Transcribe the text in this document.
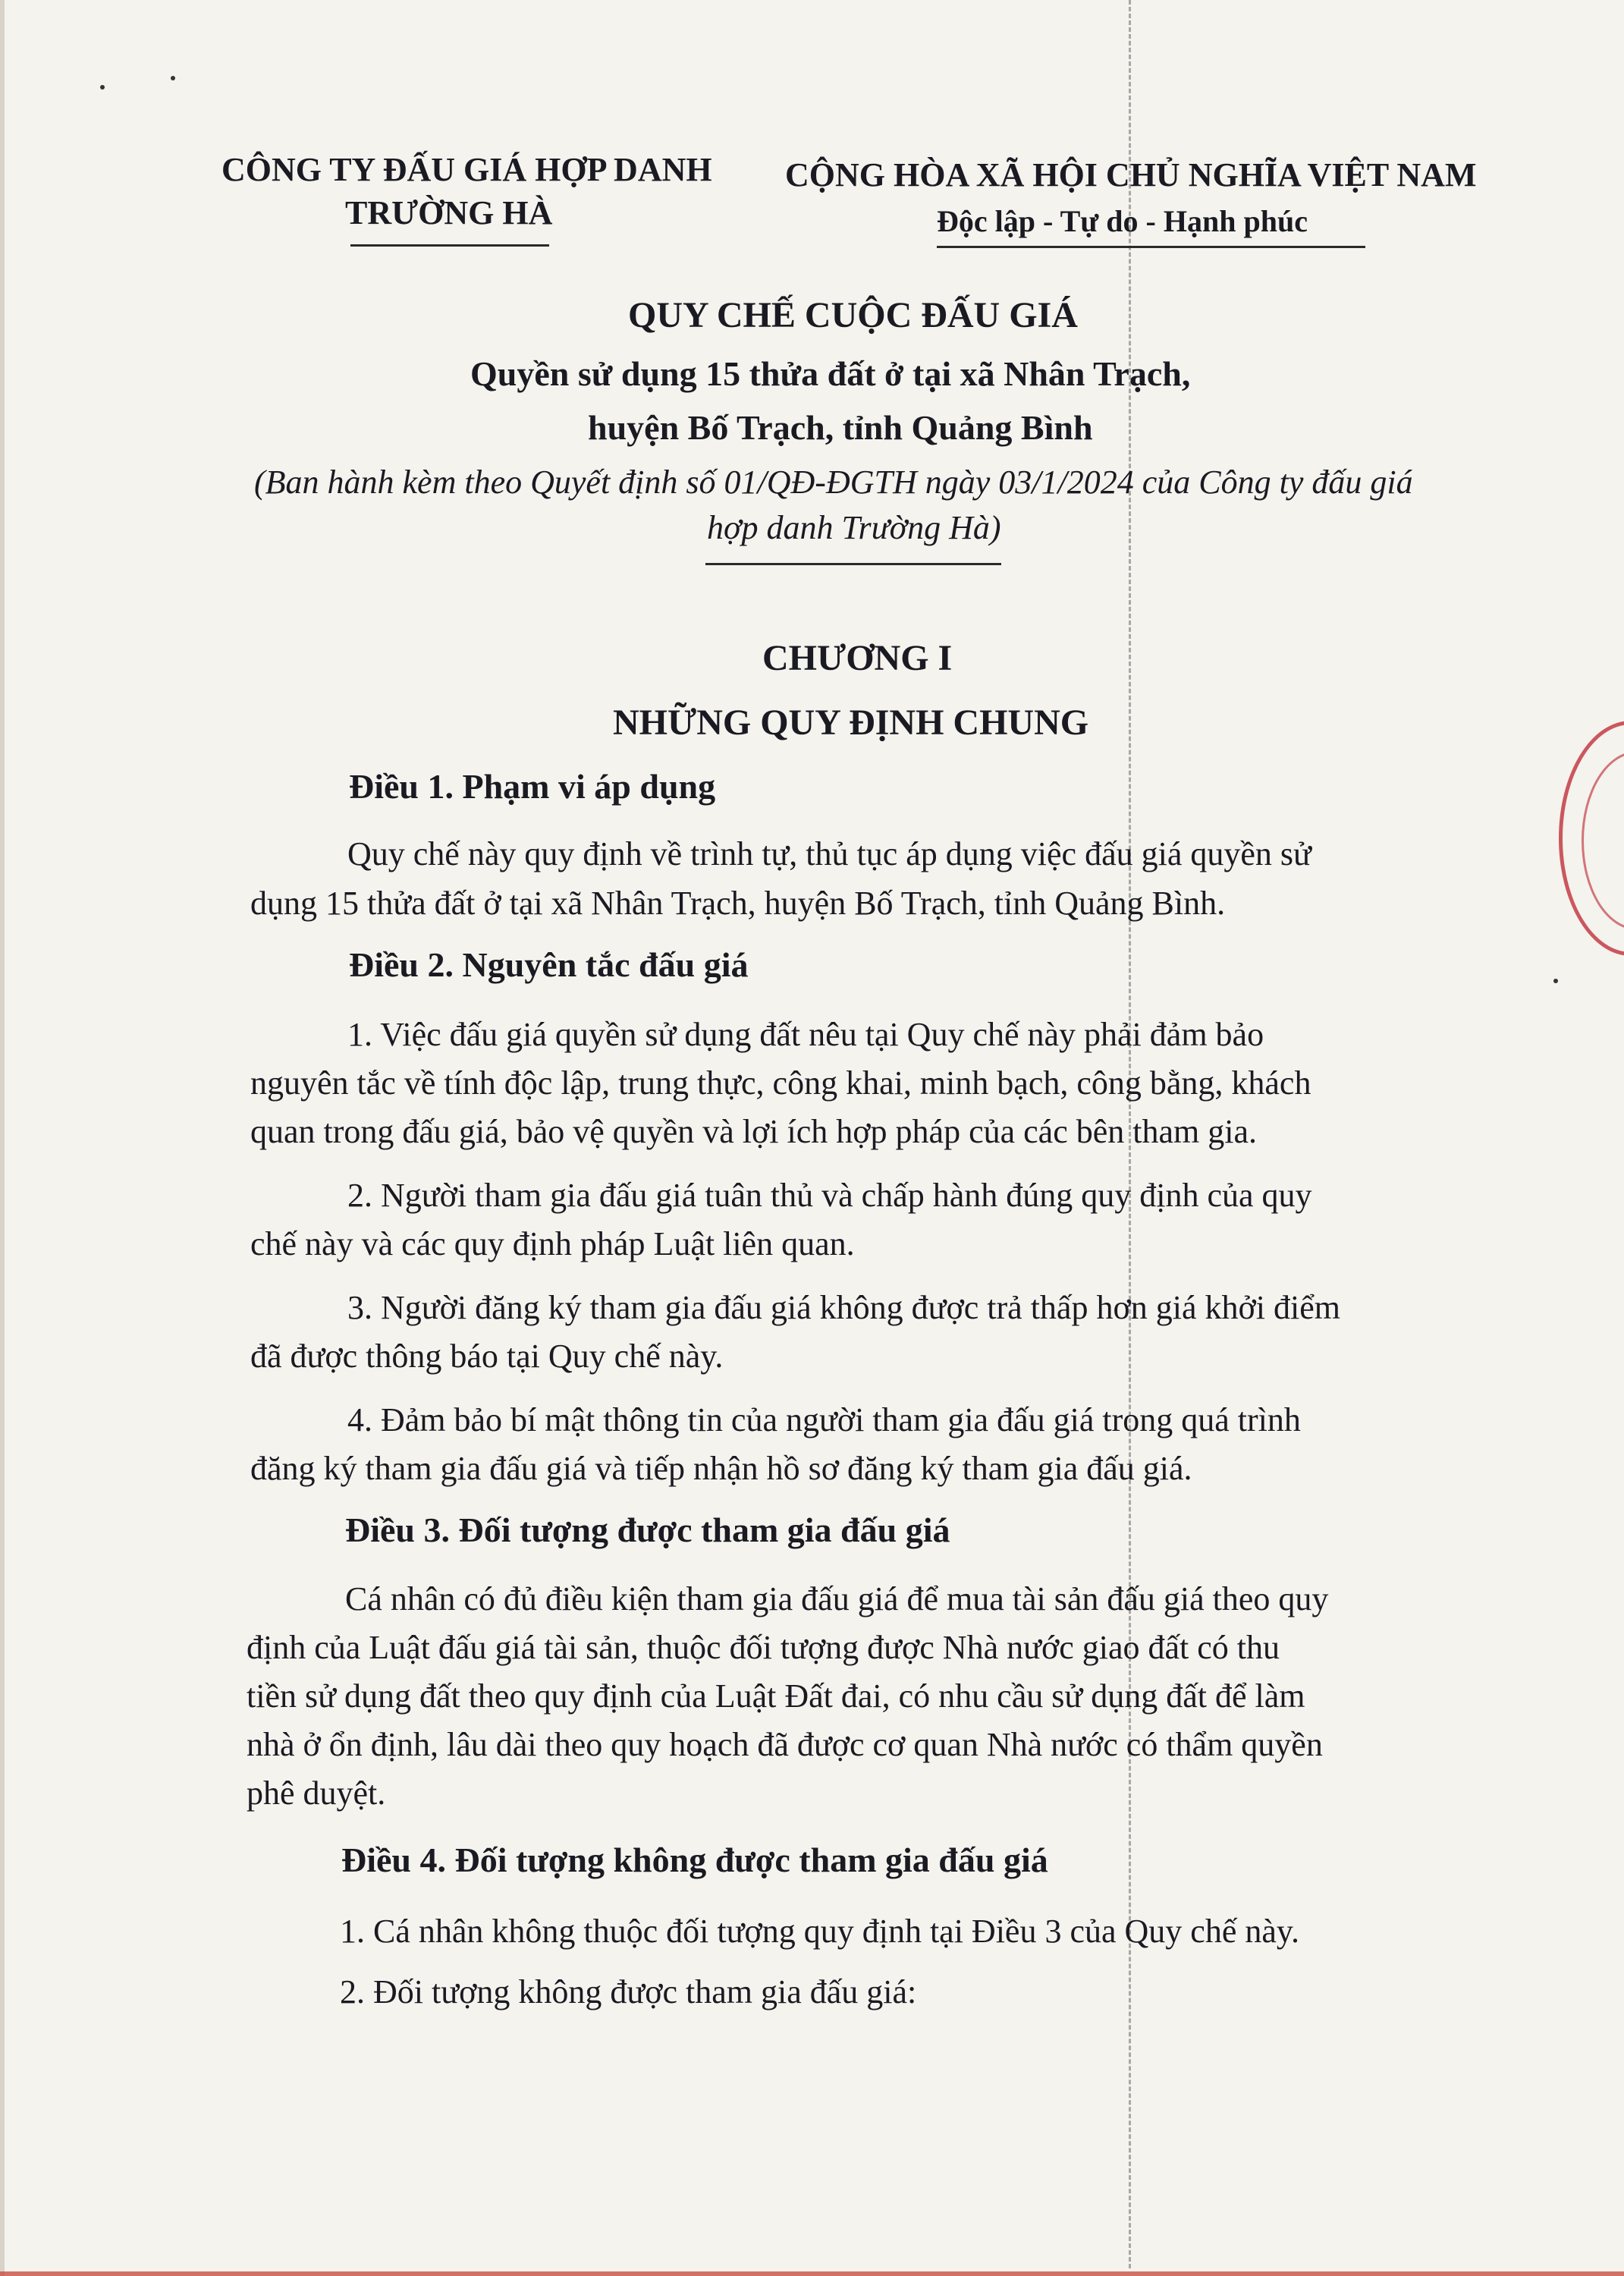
CÔNG TY ĐẤU GIÁ HỢP DANH
TRƯỜNG HÀ
CỘNG HÒA XÃ HỘI CHỦ NGHĨA VIỆT NAM
Độc lập - Tự do - Hạnh phúc
QUY CHẾ CUỘC ĐẤU GIÁ
Quyền sử dụng 15 thửa đất ở tại xã Nhân Trạch,
huyện Bố Trạch, tỉnh Quảng Bình
(Ban hành kèm theo Quyết định số 01/QĐ-ĐGTH ngày 03/1/2024 của Công ty đấu giá
hợp danh Trường Hà)
CHƯƠNG I
NHỮNG QUY ĐỊNH CHUNG
Điều 1. Phạm vi áp dụng
Quy chế này quy định về trình tự, thủ tục áp dụng việc đấu giá quyền sử
dụng 15 thửa đất ở tại xã Nhân Trạch, huyện Bố Trạch, tỉnh Quảng Bình.
Điều 2. Nguyên tắc đấu giá
1. Việc đấu giá quyền sử dụng đất nêu tại Quy chế này phải đảm bảo
nguyên tắc về tính độc lập, trung thực, công khai, minh bạch, công bằng, khách
quan trong đấu giá, bảo vệ quyền và lợi ích hợp pháp của các bên tham gia.
2. Người tham gia đấu giá tuân thủ và chấp hành đúng quy định của quy
chế này và các quy định pháp Luật liên quan.
3. Người đăng ký tham gia đấu giá không được trả thấp hơn giá khởi điểm
đã được thông báo tại Quy chế này.
4. Đảm bảo bí mật thông tin của người tham gia đấu giá trong quá trình
đăng ký tham gia đấu giá và tiếp nhận hồ sơ đăng ký tham gia đấu giá.
Điều 3. Đối tượng được tham gia đấu giá
Cá nhân có đủ điều kiện tham gia đấu giá để mua tài sản đấu giá theo quy
định của Luật đấu giá tài sản, thuộc đối tượng được Nhà nước giao đất có thu
tiền sử dụng đất theo quy định của Luật Đất đai, có nhu cầu sử dụng đất để làm
nhà ở ổn định, lâu dài theo quy hoạch đã được cơ quan Nhà nước có thẩm quyền
phê duyệt.
Điều 4. Đối tượng không được tham gia đấu giá
1. Cá nhân không thuộc đối tượng quy định tại Điều 3 của Quy chế này.
2. Đối tượng không được tham gia đấu giá:
